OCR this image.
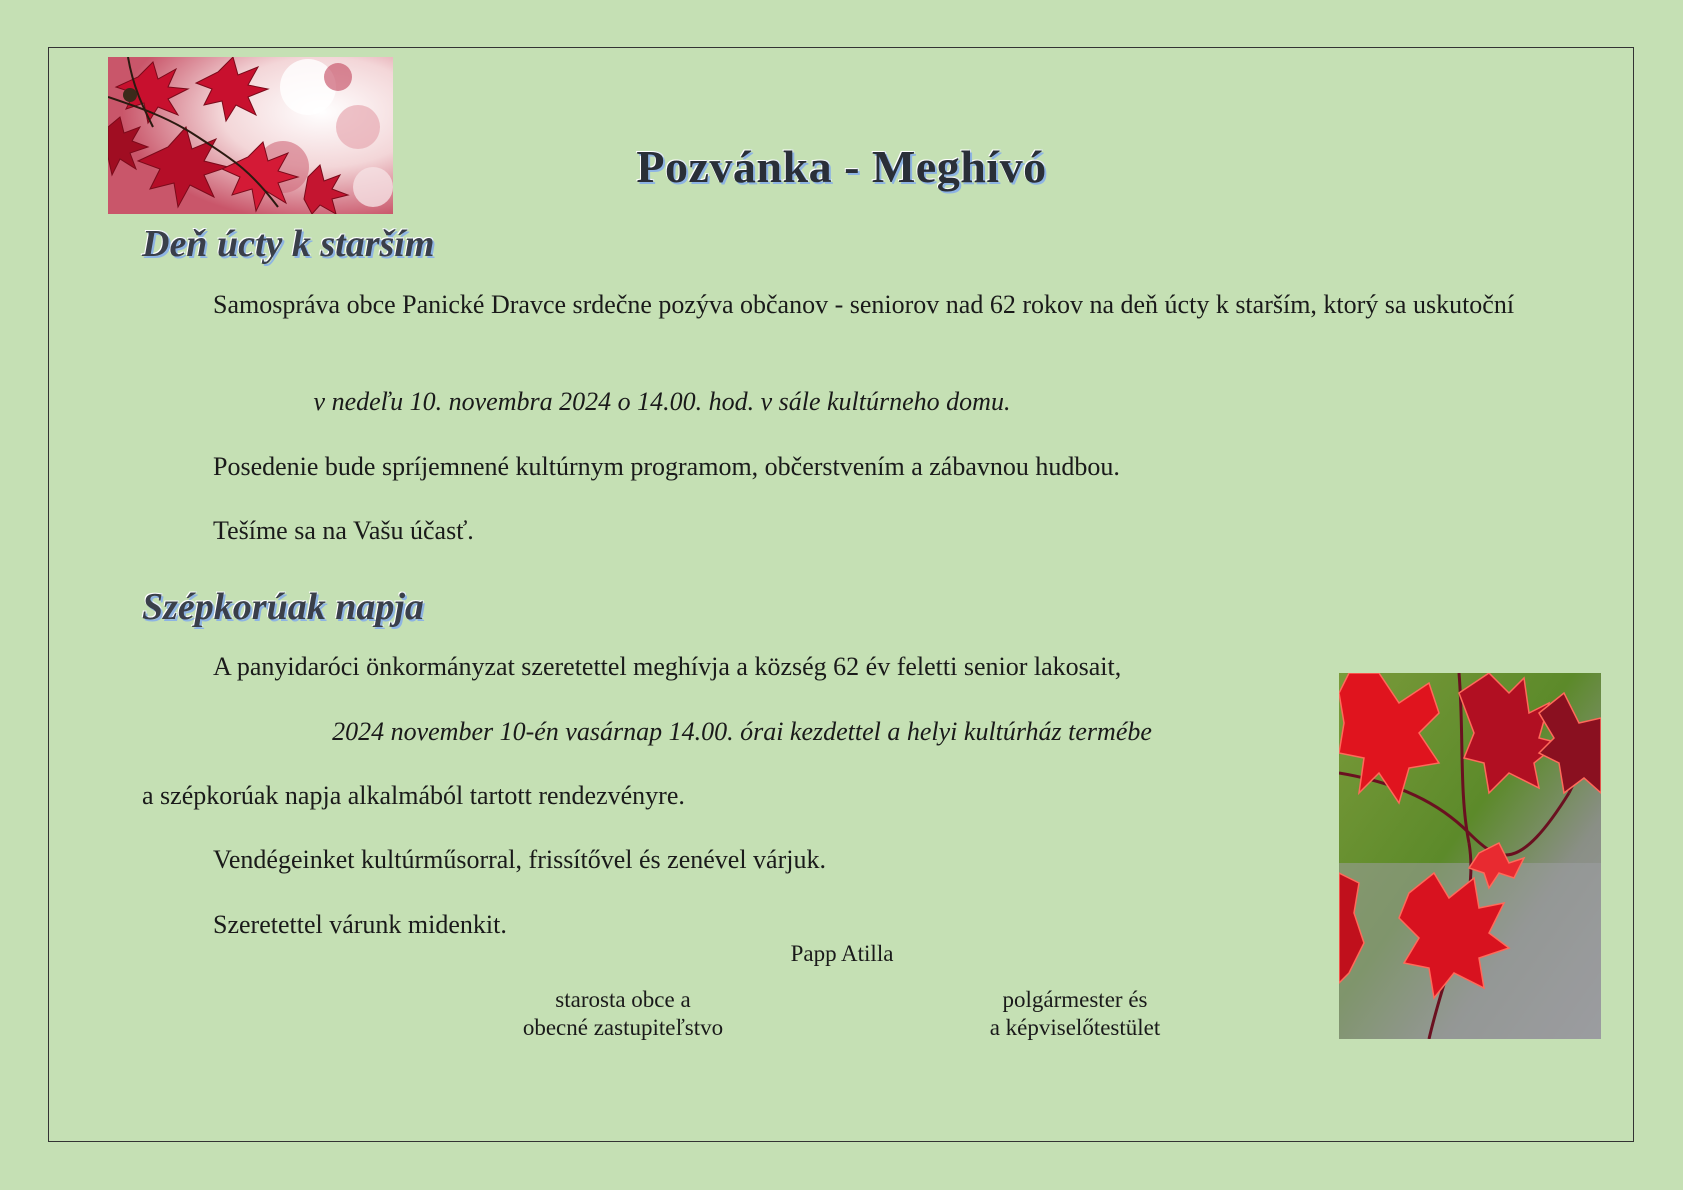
Pozvánka - Meghívó
Deň úcty k starším
Samospráva obce Panické Dravce srdečne pozýva občanov - seniorov nad 62 rokov na deň úcty k starším, ktorý sa uskutoční
v nedeľu 10. novembra 2024 o 14.00. hod. v sále kultúrneho domu.
Posedenie bude spríjemnené kultúrnym programom, občerstvením a zábavnou hudbou.
Tešíme sa na Vašu účasť.
Szépkorúak napja
A panyidaróci önkormányzat szeretettel meghívja a község 62 év feletti senior lakosait,
2024 november 10-én vasárnap 14.00. órai kezdettel a helyi kultúrház termébe
a szépkorúak napja alkalmából tartott rendezvényre.
Vendégeinket kultúrműsorral, frissítővel és zenével várjuk.
Szeretettel várunk midenkit.
Papp Atilla
starosta obce a
obecné zastupiteľstvo
polgármester és
a képviselőtestület
